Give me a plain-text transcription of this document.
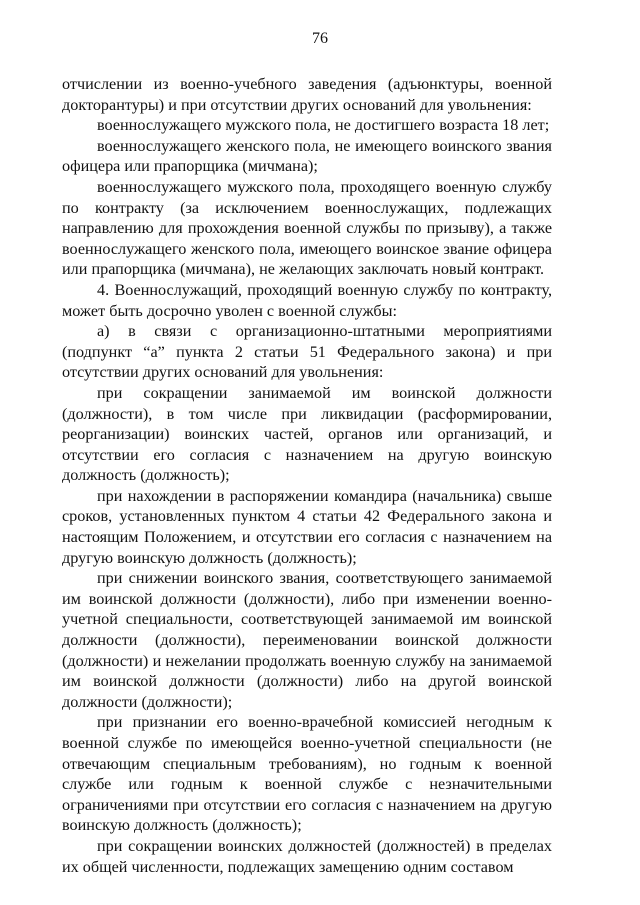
76

отчислении из военно-учебного заведения (адъюнктуры, военной докторантуры) и при отсутствии других оснований для увольнения:

военнослужащего мужского пола, не достигшего возраста 18 лет;

военнослужащего женского пола, не имеющего воинского звания офицера или прапорщика (мичмана);

военнослужащего мужского пола, проходящего военную службу по контракту (за исключением военнослужащих, подлежащих направлению для прохождения военной службы по призыву), а также военнослужащего женского пола, имеющего воинское звание офицера или прапорщика (мичмана), не желающих заключать новый контракт.

4. Военнослужащий, проходящий военную службу по контракту, может быть досрочно уволен с военной службы:

а) в связи с организационно-штатными мероприятиями (подпункт “а” пункта 2 статьи 51 Федерального закона) и при отсутствии других оснований для увольнения:

при сокращении занимаемой им воинской должности (должности), в том числе при ликвидации (расформировании, реорганизации) воинских частей, органов или организаций, и отсутствии его согласия с назначением на другую воинскую должность (должность);

при нахождении в распоряжении командира (начальника) свыше сроков, установленных пунктом 4 статьи 42 Федерального закона и настоящим Положением, и отсутствии его согласия с назначением на другую воинскую должность (должность);

при снижении воинского звания, соответствующего занимаемой им воинской должности (должности), либо при изменении военно-учетной специальности, соответствующей занимаемой им воинской должности (должности), переименовании воинской должности (должности) и нежелании продолжать военную службу на занимаемой им воинской должности (должности) либо на другой воинской должности (должности);

при признании его военно-врачебной комиссией негодным к военной службе по имеющейся военно-учетной специальности (не отвечающим специальным требованиям), но годным к военной службе или годным к военной службе с незначительными ограничениями при отсутствии его согласия с назначением на другую воинскую должность (должность);

при сокращении воинских должностей (должностей) в пределах их общей численности, подлежащих замещению одним составом
